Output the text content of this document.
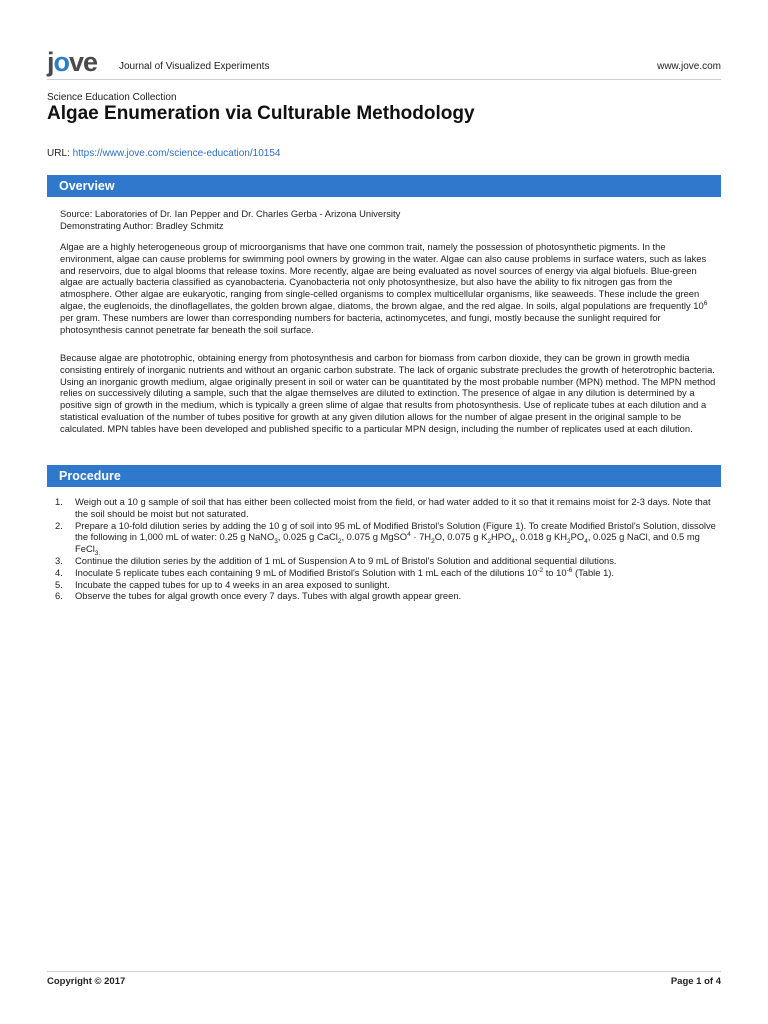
jove Journal of Visualized Experiments	www.jove.com
Science Education Collection
Algae Enumeration via Culturable Methodology
URL: https://www.jove.com/science-education/10154
Overview

Source: Laboratories of Dr. Ian Pepper and Dr. Charles Gerba - Arizona University

Demonstrating Author: Bradley Schmitz

Algae are a highly heterogeneous group of microorganisms that have one common trait, namely the possession of photosynthetic pigments. In the environment, algae can cause problems for swimming pool owners by growing in the water. Algae can also cause problems in surface waters, such as lakes and reservoirs, due to algal blooms that release toxins. More recently, algae are being evaluated as novel sources of energy via algal biofuels. Blue-green algae are actually bacteria classified as cyanobacteria. Cyanobacteria not only photosynthesize, but also have the ability to fix nitrogen gas from the atmosphere. Other algae are eukaryotic, ranging from single-celled organisms to complex multicellular organisms, like seaweeds. These include the green algae, the euglenoids, the dinoflagellates, the golden brown algae, diatoms, the brown algae, and the red algae. In soils, algal populations are frequently $10^6$ per gram. These numbers are lower than corresponding numbers for bacteria, actinomycetes, and fungi, mostly because the sunlight required for photosynthesis cannot penetrate far beneath the soil surface.

Because algae are phototrophic, obtaining energy from photosynthesis and carbon for biomass from carbon dioxide, they can be grown in growth media consisting entirely of inorganic nutrients and without an organic carbon substrate. The lack of organic substrate precludes the growth of heterotrophic bacteria. Using an inorganic growth medium, algae originally present in soil or water can be quantitated by the most probable number (MPN) method. The MPN method relies on successively diluting a sample, such that the algae themselves are diluted to extinction. The presence of algae in any dilution is determined by a positive sign of growth in the medium, which is typically a green slime of algae that results from photosynthesis. Use of replicate tubes at each dilution and a statistical evaluation of the number of tubes positive for growth at any given dilution allows for the number of algae present in the original sample to be calculated. MPN tables have been developed and published specific to a particular MPN design, including the number of replicates used at each dilution.

Procedure
1. Weigh out a 10 g sample of soil that has either been collected moist from the field, or had water added to it so that it remains moist for 2-3 days. Note that the soil should be moist but not saturated.
2. Prepare a 10-fold dilution series by adding the 10 g of soil into 95 mL of Modified Bristol's Solution (Figure 1). To create Modified Bristol's Solution, dissolve the following in 1,000 mL of water: 0.25 g NaNO$_3$, 0.025 g CaCl$_2$, 0.075 g MgSO$^4$ · $7H_2O$, 0.075 g $K_2HPO_4$, 0.018 g $KH_2PO_4$, 0.025 g NaCl, and 0.5 mg FeCl$_{3.}$
3. Continue the dilution series by the addition of 1 mL of Suspension A to 9 mL of Bristol's Solution and additional sequential dilutions.
4. Inoculate 5 replicate tubes each containing 9 mL of Modified Bristol's Solution with 1 mL each of the dilutions $10^{-2}$ to $10^{-6}$ (Table 1).
5. Incubate the capped tubes for up to 4 weeks in an area exposed to sunlight.
6. Observe the tubes for algal growth once every 7 days. Tubes with algal growth appear green.
Copyright © 2017	Page 1 of 4
